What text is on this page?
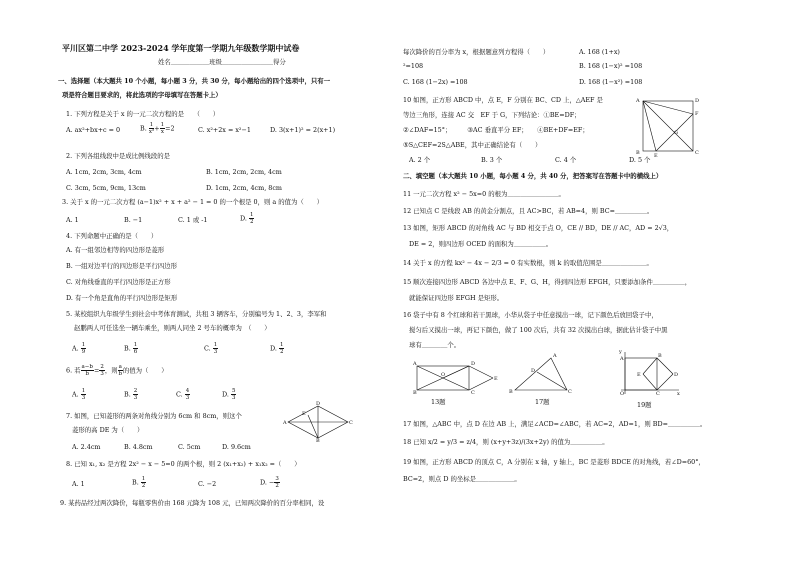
平川区第二中学 2023-2024 学年度第一学期九年级数学期中试卷
姓名＿＿＿＿＿＿班级＿＿＿＿＿＿＿＿得分
一、选择题（本大题共 10 个小题，每小题 3 分，共 30 分，每小题给出的四个选项中，只有一
项是符合题目要求的，将此选项的字母填写在答题卡上）
1. 下列方程是关于 x 的一元二次方程的是　　（　　）
A. ax²+bx+c = 0	B. $\frac{1}{\text{x²}} + \frac{1}{x} =2$	C. x²+2x = x²−1	D. 3(x+1)² = 2(x+1)
2. 下列各组线段中是成比例线段的是
A. 1cm, 2cm, 3cm, 4cm	B. 1cm, 2cm, 2cm, 4cm
C. 3cm, 5cm, 9cm, 13cm	D. 1cm, 2cm, 4cm, 8cm
3. 关于 x 的一元二次方程 (a−1)x² + x + a² − 1 = 0 的一个根是 0，则 a 的值为（　　）
A. 1	B. −1	C. 1 或 -1	D. $\frac{1}{2}$
4. 下列命题中正确的是（　　）
A. 有一组邻边相等的四边形是菱形
B. 一组对边平行的四边形是平行四边形
C. 对角线垂直的平行四边形是正方形
D. 有一个角是直角的平行四边形是矩形
5. 某校组织九年级学生到社会中考体育测试，共租 3 辆客车，分别编号为 1、2、3，李军和
赵鹏两人可任选坐一辆车乘坐，则两人同坐 2 号车的概率为　（　　）
A. $\frac{1}{9}$	B. $\frac{1}{6}$	C. $\frac{1}{3}$	D. $\frac{1}{2}$
6. 若 $\frac{a-b}{b} = \frac{2}{3}$ ，则 $\frac{a}{b}$ 的值为（　　）
A. $\frac{1}{3}$	B. $\frac{2}{3}$	C. $\frac{4}{3}$	D. $\frac{5}{3}$
7. 如图，已知菱形的两条对角线分别为 6cm 和 8cm，则这个
菱形的高 DE 为（　　）
A. 2.4cm	B. 4.8cm	C. 5cm	D. 9.6cm
A
D
C
B
E
8. 已知 x₁, x₂ 是方程 2x² − x − 5=0 的两个根，则 2 (x₁+x₂) + x₁x₂ =（　　）
A. 1	B. $\frac{1}{2}$	C. −2	D. − $\frac{3}{2}$
9. 某药品经过两次降价，每瓶零售价由 168 元降为 108 元，已知两次降价的百分率相同，设
每次降价的百分率为 x，根据题意列方程得（　　）	A. 168 (1+x)
²=108	B. 168 (1−x)² =108
C. 168 (1−2x) =108	D. 168 (1−x²) =108
10 如图，正方形 ABCD 中，点 E，F 分别在 BC、CD 上，△AEF 是
等边三角形，连接 AC 交　EF 于 G，下列结论：①BE=DF；
②∠DAF=15°；　　　③AC 垂直平分 EF；　　④BE+DF=EF；
⑤S△CEF=2S△ABE，其中正确结论有（　　）
A. 2 个	B. 3 个	C. 4 个	D. 5 个
A	D
F
G
B	E	C
二、填空题（本大题共 10 小题，每小题 4 分，共 40 分，把答案写在答题卡中的横线上）
11 一元二次方程 x² − 5x=0 的根为＿＿＿＿＿＿＿＿。
12 已知点 C 是线段 AB 的黄金分割点，且 AC>BC，若 AB=4，则 BC=＿＿＿＿＿。
13 如图，矩形 ABCD 的对角线 AC 与 BD 相交于点 O，CE // BD，DE // AC，AD = 2√3，
DE = 2，则四边形 OCED 的面积为＿＿＿＿＿。
14 关于 x 的方程 kx² − 4x − 2/3 = 0 有实数根，则 k 的取值范围是＿＿＿＿＿＿＿。
15 顺次连接四边形 ABCD 各边中点 E、F、G、H，得到四边形 EFGH，只要添加条件＿＿＿＿＿，
就能保证四边形 EFGH 是矩形。
16 袋子中有 8 个红球和若干黑球，小华从袋子中任意摸出一球，记下颜色后放回袋子中，
搅匀后又摸出一球，再记下颜色，做了 100 次后，共有 32 次摸出白球，据此估计袋子中黑
球有＿＿＿＿个。
A	D
O
E
B	C
13题
A
D
B	C
17题
y
x
A	B
D
E
O	C
19题
17 如图，△ABC 中，点 D 在边 AB 上，满足∠ACD=∠ABC，若 AC=2，AD=1，则 BD=＿＿＿＿＿。
18 已知 x/2 = y/3 = z/4，则 (x+y+3z)/(3x+2y) 的值为＿＿＿＿＿。
19 如图，正方形 ABCD 的顶点 C，A 分别在 x 轴，y 轴上，BC 是菱形 BDCE 的对角线，若∠D=60°，
BC=2，则点 D 的坐标是＿＿＿＿＿＿。
